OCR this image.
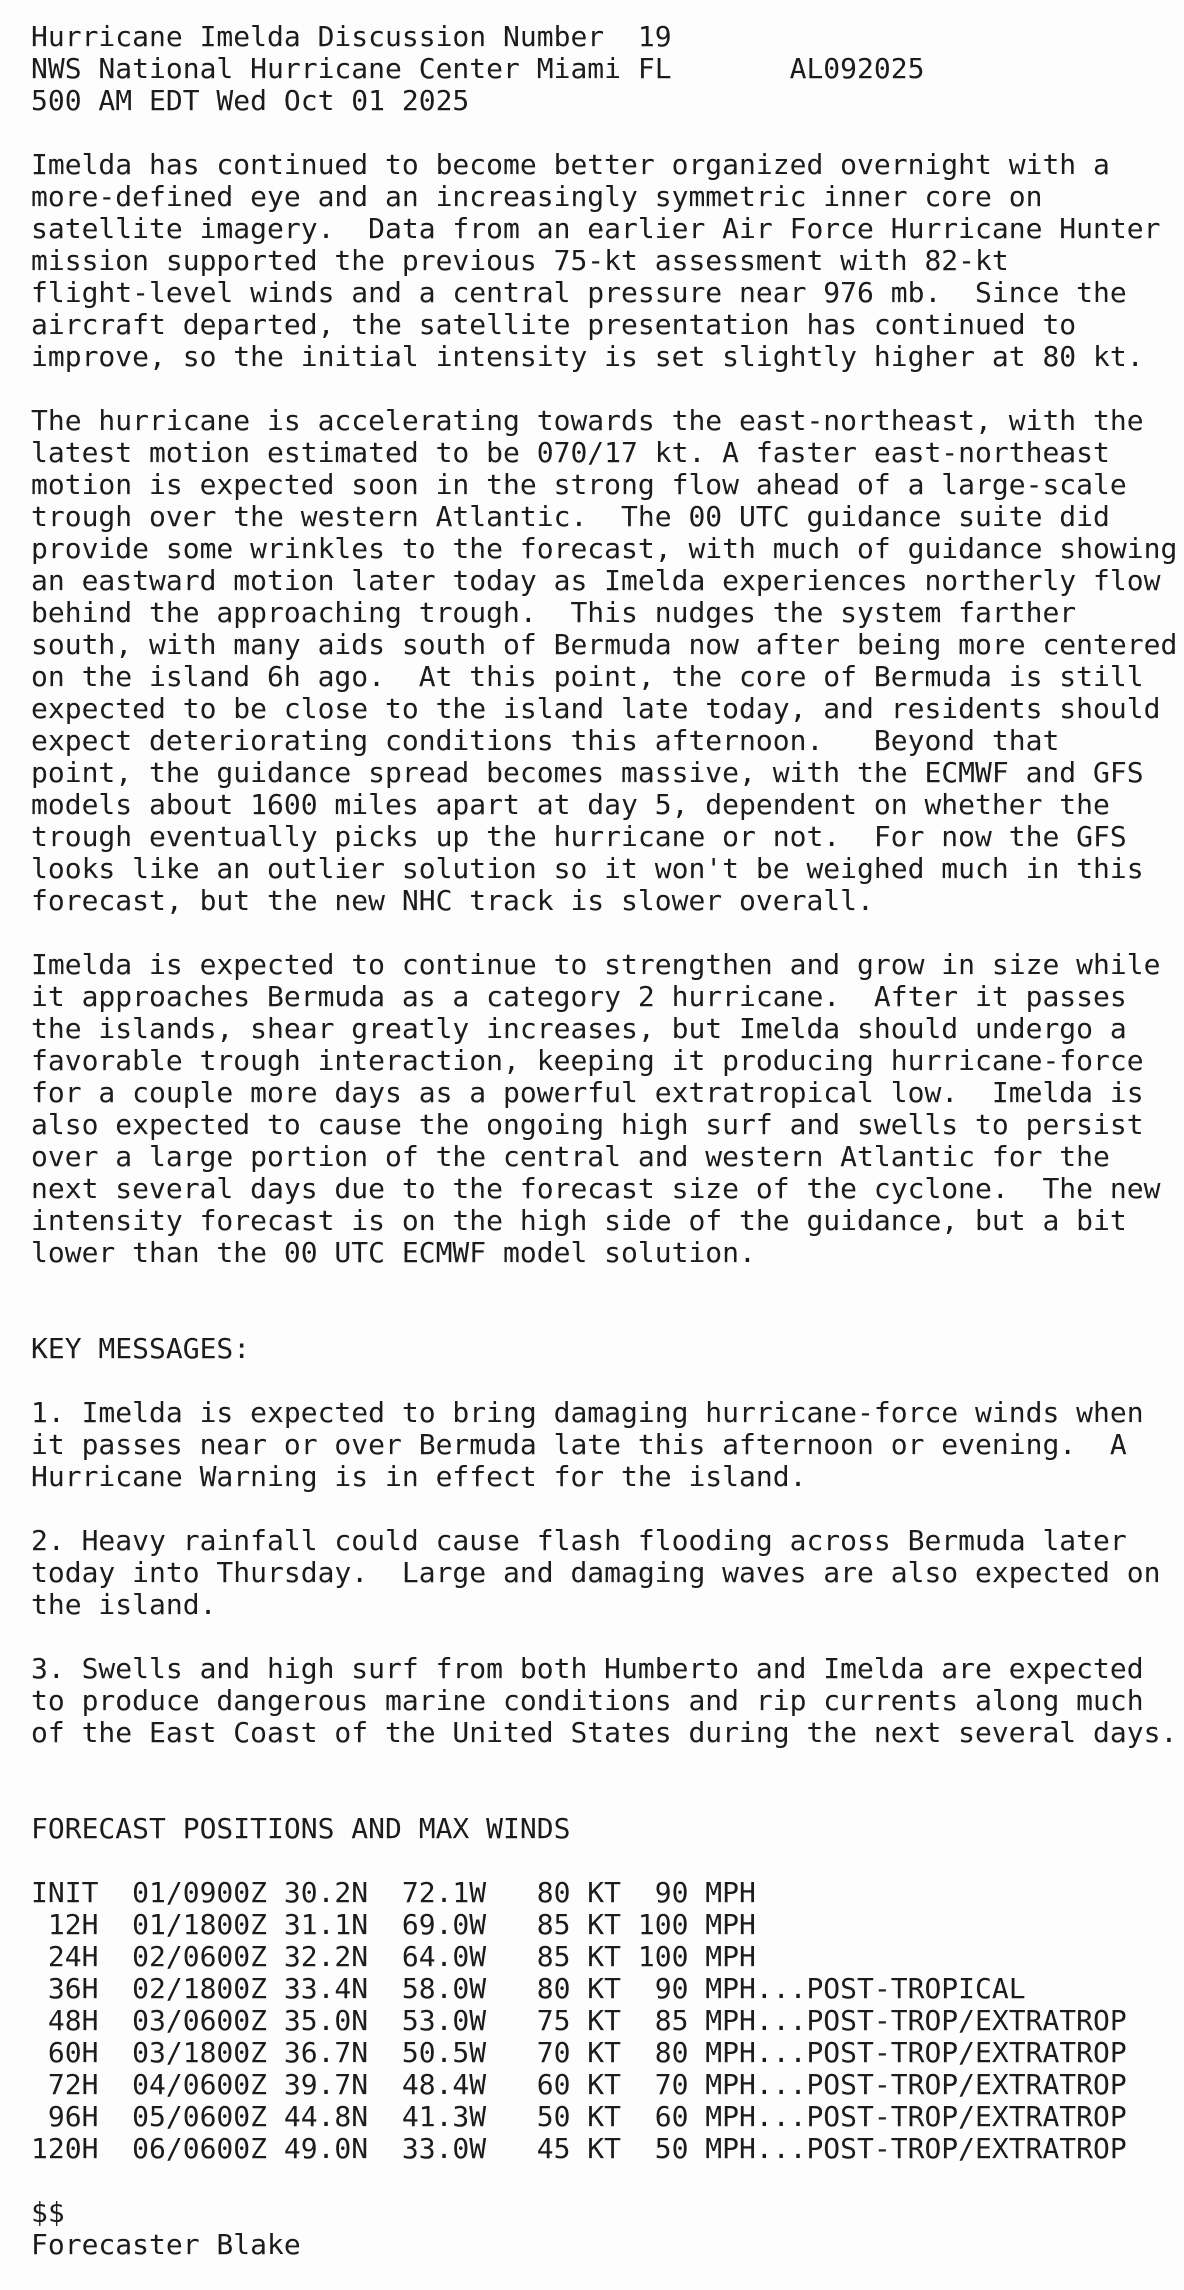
Hurricane Imelda Discussion Number  19
NWS National Hurricane Center Miami FL       AL092025
500 AM EDT Wed Oct 01 2025
Imelda has continued to become better organized overnight with a
more-defined eye and an increasingly symmetric inner core on
satellite imagery.  Data from an earlier Air Force Hurricane Hunter
mission supported the previous 75-kt assessment with 82-kt
flight-level winds and a central pressure near 976 mb.  Since the
aircraft departed, the satellite presentation has continued to
improve, so the initial intensity is set slightly higher at 80 kt.
The hurricane is accelerating towards the east-northeast, with the
latest motion estimated to be 070/17 kt. A faster east-northeast
motion is expected soon in the strong flow ahead of a large-scale
trough over the western Atlantic.  The 00 UTC guidance suite did
provide some wrinkles to the forecast, with much of guidance showing
an eastward motion later today as Imelda experiences northerly flow
behind the approaching trough.  This nudges the system farther
south, with many aids south of Bermuda now after being more centered
on the island 6h ago.  At this point, the core of Bermuda is still
expected to be close to the island late today, and residents should
expect deteriorating conditions this afternoon.   Beyond that
point, the guidance spread becomes massive, with the ECMWF and GFS
models about 1600 miles apart at day 5, dependent on whether the
trough eventually picks up the hurricane or not.  For now the GFS
looks like an outlier solution so it won't be weighed much in this
forecast, but the new NHC track is slower overall.
Imelda is expected to continue to strengthen and grow in size while
it approaches Bermuda as a category 2 hurricane.  After it passes
the islands, shear greatly increases, but Imelda should undergo a
favorable trough interaction, keeping it producing hurricane-force
for a couple more days as a powerful extratropical low.  Imelda is
also expected to cause the ongoing high surf and swells to persist
over a large portion of the central and western Atlantic for the
next several days due to the forecast size of the cyclone.  The new
intensity forecast is on the high side of the guidance, but a bit
lower than the 00 UTC ECMWF model solution.
KEY MESSAGES:
1. Imelda is expected to bring damaging hurricane-force winds when
it passes near or over Bermuda late this afternoon or evening.  A
Hurricane Warning is in effect for the island.
2. Heavy rainfall could cause flash flooding across Bermuda later
today into Thursday.  Large and damaging waves are also expected on
the island.
3. Swells and high surf from both Humberto and Imelda are expected
to produce dangerous marine conditions and rip currents along much
of the East Coast of the United States during the next several days.
FORECAST POSITIONS AND MAX WINDS
INIT  01/0900Z 30.2N  72.1W   80 KT  90 MPH
12H  01/1800Z 31.1N  69.0W   85 KT 100 MPH
24H  02/0600Z 32.2N  64.0W   85 KT 100 MPH
36H  02/1800Z 33.4N  58.0W   80 KT  90 MPH...POST-TROPICAL
48H  03/0600Z 35.0N  53.0W   75 KT  85 MPH...POST-TROP/EXTRATROP
60H  03/1800Z 36.7N  50.5W   70 KT  80 MPH...POST-TROP/EXTRATROP
72H  04/0600Z 39.7N  48.4W   60 KT  70 MPH...POST-TROP/EXTRATROP
96H  05/0600Z 44.8N  41.3W   50 KT  60 MPH...POST-TROP/EXTRATROP
120H  06/0600Z 49.0N  33.0W   45 KT  50 MPH...POST-TROP/EXTRATROP
$$
Forecaster Blake
